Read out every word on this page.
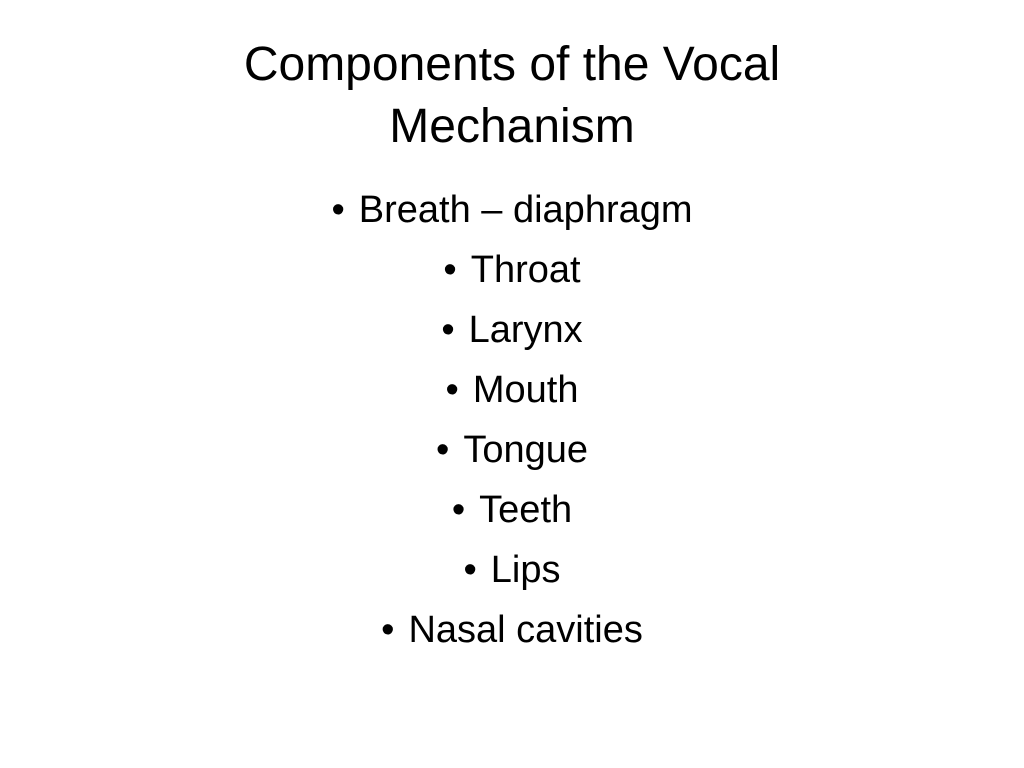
Components of the Vocal
Mechanism
• Breath – diaphragm
• Throat
• Larynx
• Mouth
• Tongue
• Teeth
• Lips
• Nasal cavities
